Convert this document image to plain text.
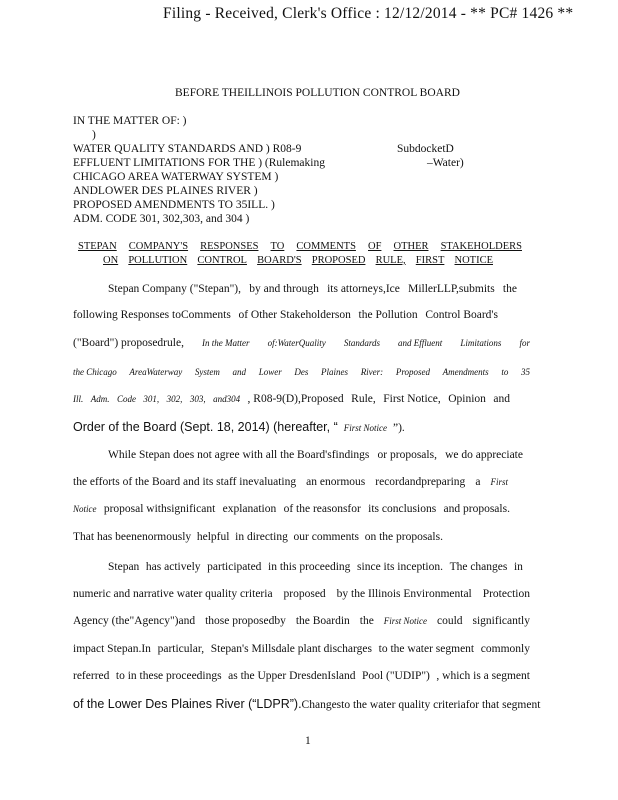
Filing - Received, Clerk's Office : 12/12/2014 - ** PC# 1426 **
BEFORE THEILLINOIS POLLUTION CONTROL BOARD
IN THE MATTER OF: )
)
WATER QUALITY STANDARDS AND ) R08-9
EFFLUENT LIMITATIONS FOR THE ) (Rulemaking
CHICAGO AREA WATERWAY SYSTEM )
ANDLOWER DES PLAINES RIVER )
PROPOSED AMENDMENTS TO 35ILL. )
ADM. CODE 301, 302,303, and 304 )
SubdocketD
–Water)
STEPAN COMPANY'S RESPONSES TO COMMENTS OF OTHER STAKEHOLDERS
ON POLLUTION CONTROL BOARD'S PROPOSED RULE, FIRST NOTICE
Stepan Company ("Stepan"), by and through its attorneys,Ice MillerLLP,submits the
following Responses toComments of Other Stakeholderson the Pollution Control Board's
("Board") proposedrule, In the Matter of:WaterQuality Standards and Effluent Limitations for
the Chicago AreaWaterway System and Lower Des Plaines River: Proposed Amendments to 35
Ill. Adm. Code 301, 302, 303, and304 , R08-9(D),Proposed Rule, First Notice, Opinion and
Order of the Board (Sept. 18, 2014) (hereafter, “ First Notice ”).
While Stepan does not agree with all the Board'sfindings or proposals, we do appreciate
the efforts of the Board and its staff inevaluating an enormous recordandpreparing a First
Notice proposal withsignificant explanation of the reasonsfor its conclusions and proposals.
That has beenenormously helpful in directing our comments on the proposals.
Stepan has actively participated in this proceeding since its inception. The changes in
numeric and narrative water quality criteria proposed by the Illinois Environmental Protection
Agency (the"Agency")and those proposedby the Boardin the First Notice could significantly
impact Stepan.In particular, Stepan's Millsdale plant discharges to the water segment commonly
referred to in these proceedings as the Upper DresdenIsland Pool ("UDIP") , which is a segment
of the Lower Des Plaines River (“LDPR”). Changes to the water quality criteria for that segment
1
